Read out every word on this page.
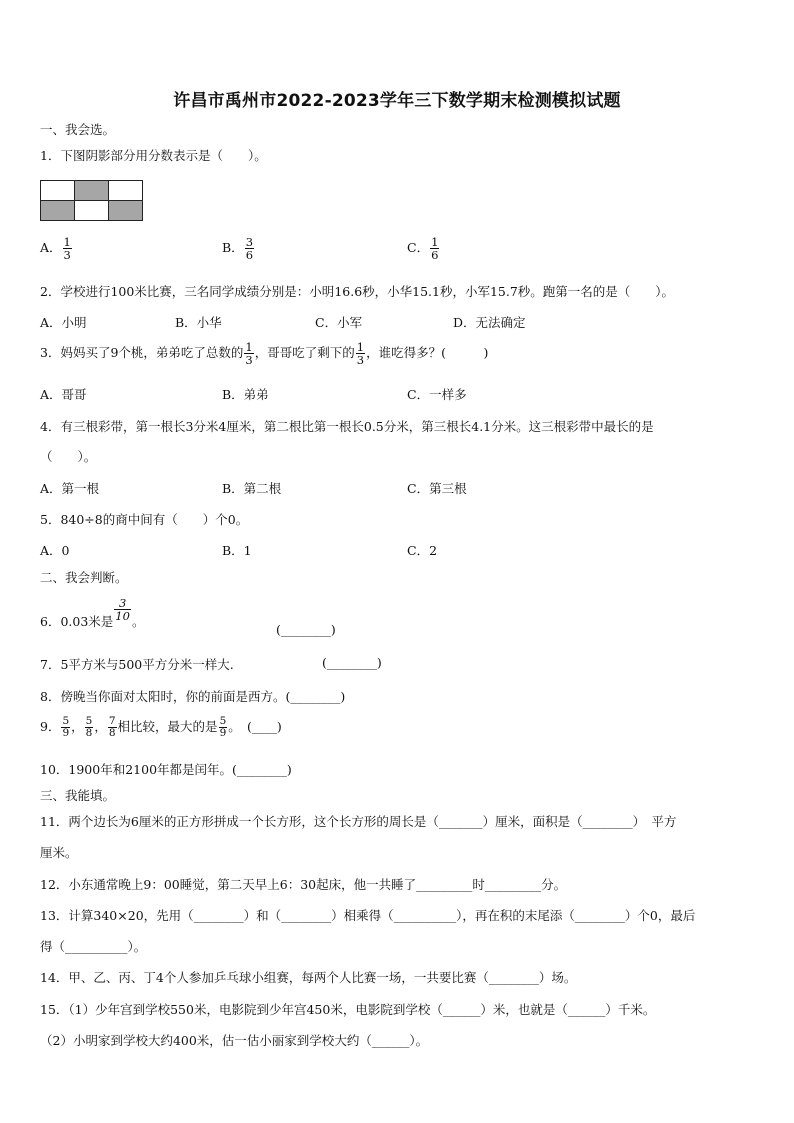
许昌市禹州市2022-2023学年三下数学期末检测模拟试题
一、我会选。
1．下图阴影部分用分数表示是（　　）。

A． $\frac{1}{3}$	B． $\frac{3}{6}$	C． $\frac{1}{6}$
2．学校进行100米比赛，三名同学成绩分别是：小明16.6秒，小华15.1秒，小军15.7秒。跑第一名的是（　　）。
A．小明	B．小华	C．小军	D．无法确定
3．妈妈买了9个桃，弟弟吃了总数的 $\frac{1}{3}$ ，哥哥吃了剩下的 $\frac{1}{3}$ ，谁吃得多？(　　　)
A．哥哥	B．弟弟	C．一样多
4．有三根彩带，第一根长3分米4厘米，第二根比第一根长0.5分米，第三根长4.1分米。这三根彩带中最长的是
（　　）。
A．第一根	B．第二根	C．第三根
5．840÷8的商中间有（　　）个0。
A．0	B．1	C．2
二、我会判断。
6．0.03米是 $\frac{3}{10}$ 。
(________)
7．5平方米与500平方分米一样大.	(________)
8．傍晚当你面对太阳时，你的前面是西方。(________)
9． $\frac{5}{9}$ ， $\frac{5}{8}$ ， $\frac{7}{8}$ 相比较，最大的是 $\frac{5}{9}$ 。　(____)
10．1900年和2100年都是闰年。(________)
三、我能填。
11．两个边长为6厘米的正方形拼成一个长方形，这个长方形的周长是（_______）厘米，面积是（________）　平方
厘米。
12．小东通常晚上9：00睡觉，第二天早上6：30起床，他一共睡了_________时_________分。
13．计算340×20，先用（________）和（________）相乘得（__________），再在积的末尾添（________）个0，最后
得（__________）。
14．甲、乙、丙、丁4个人参加乒乓球小组赛，每两个人比赛一场，一共要比赛（________）场。
15．（1）少年宫到学校550米，电影院到少年宫450米，电影院到学校（______）米，也就是（______）千米。
（2）小明家到学校大约400米，估一估小丽家到学校大约（______）。
